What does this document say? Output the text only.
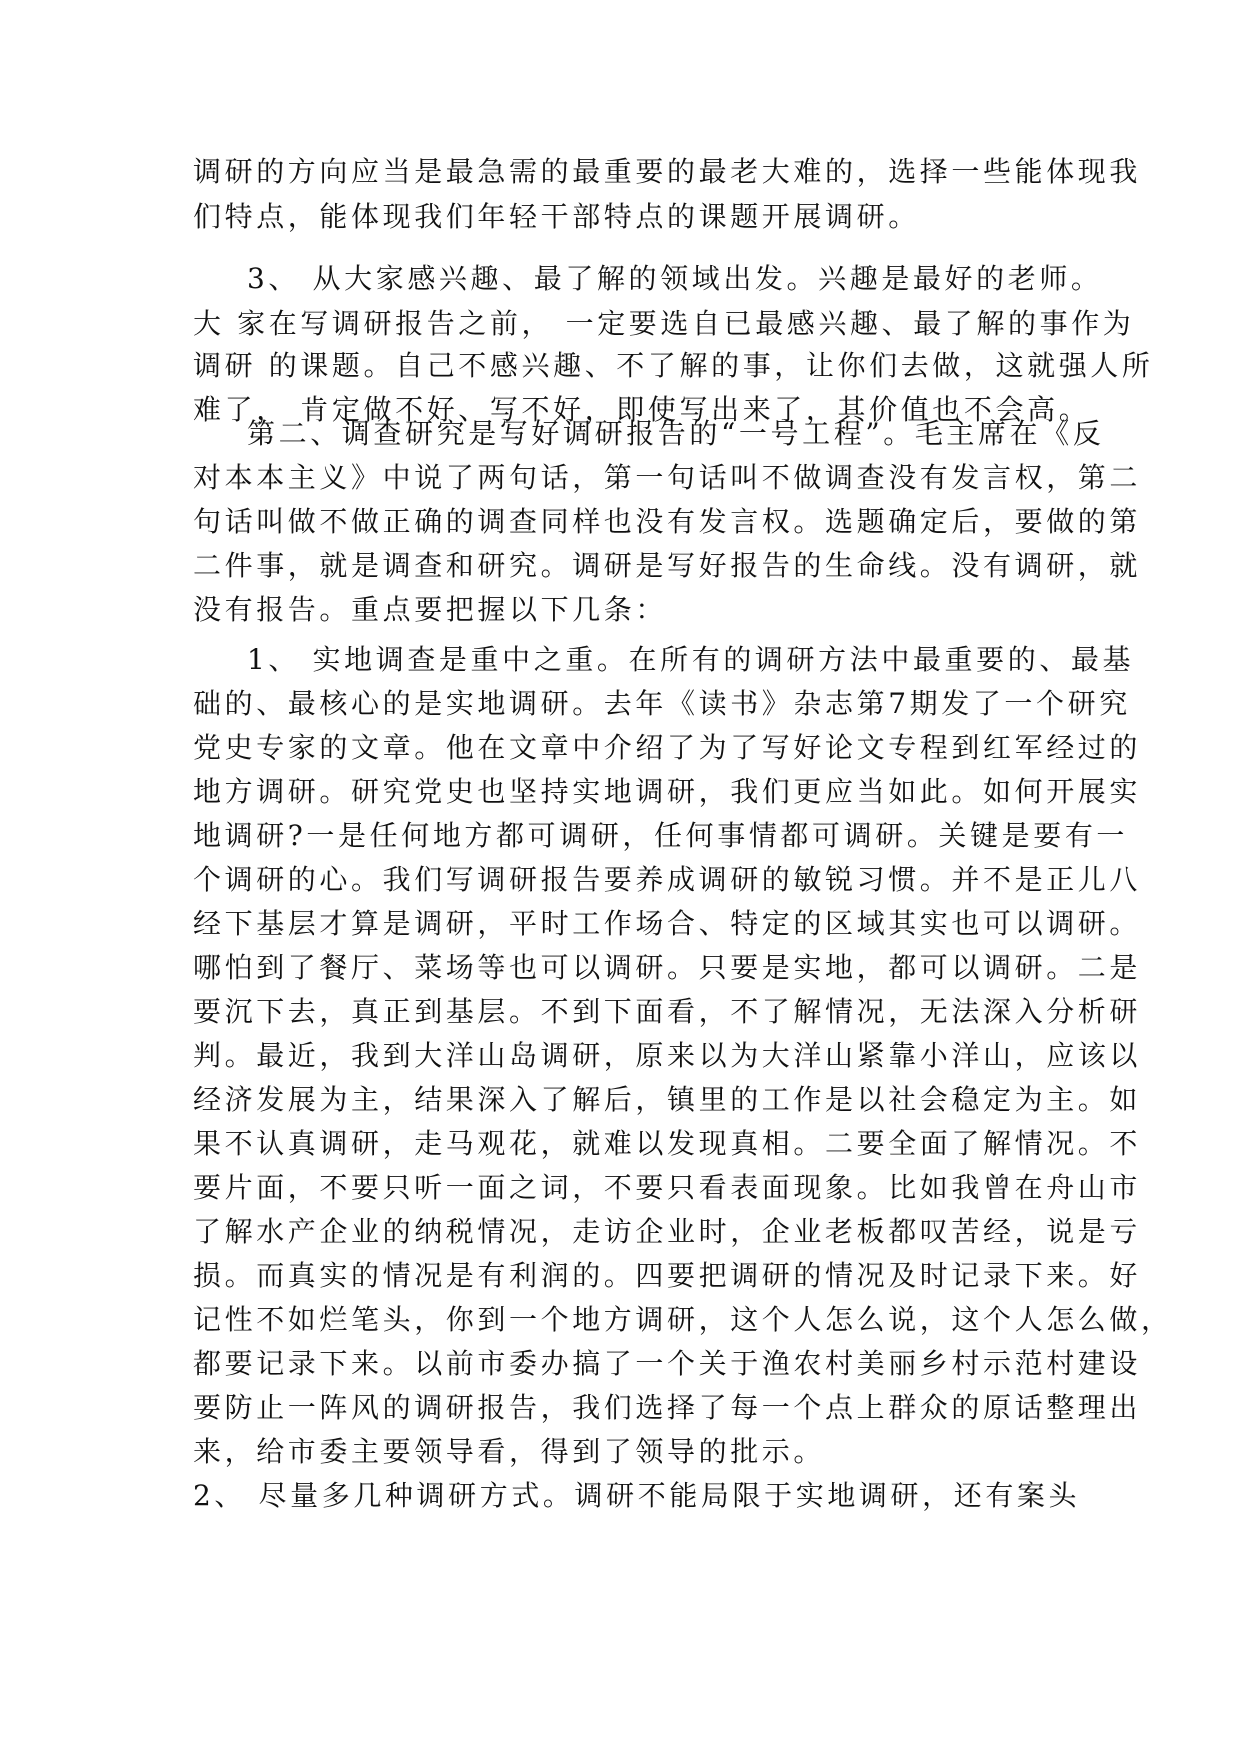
调研的方向应当是最急需的最重要的最老大难的，选择一些能体现我
们特点，能体现我们年轻干部特点的课题开展调研。
3、 从大家感兴趣、最了解的领域出发。兴趣是最好的老师。
大 家在写调研报告之前， 一定要选自已最感兴趣、最了解的事作为
调研 的课题。自己不感兴趣、不了解的事，让你们去做，这就强人所
难了， 肯定做不好、写不好，即使写出来了，其价值也不会高。
第二、调查研究是写好调研报告的“一号工程”。毛主席在《反
对本本主义》中说了两句话，第一句话叫不做调查没有发言权，第二
句话叫做不做正确的调查同样也没有发言权。选题确定后，要做的第
二件事，就是调查和研究。调研是写好报告的生命线。没有调研，就
没有报告。重点要把握以下几条：
1、 实地调查是重中之重。在所有的调研方法中最重要的、最基
础的、最核心的是实地调研。去年《读书》杂志第7期发了一个研究
党史专家的文章。他在文章中介绍了为了写好论文专程到红军经过的
地方调研。研究党史也坚持实地调研，我们更应当如此。如何开展实
地调研?一是任何地方都可调研，任何事情都可调研。关键是要有一
个调研的心。我们写调研报告要养成调研的敏锐习惯。并不是正儿八
经下基层才算是调研，平时工作场合、特定的区域其实也可以调研。
哪怕到了餐厅、菜场等也可以调研。只要是实地，都可以调研。二是
要沉下去，真正到基层。不到下面看，不了解情况，无法深入分析研
判。最近，我到大洋山岛调研，原来以为大洋山紧靠小洋山，应该以
经济发展为主，结果深入了解后，镇里的工作是以社会稳定为主。如
果不认真调研，走马观花，就难以发现真相。二要全面了解情况。不
要片面，不要只听一面之词，不要只看表面现象。比如我曾在舟山市
了解水产企业的纳税情况，走访企业时，企业老板都叹苦经，说是亏
损。而真实的情况是有利润的。四要把调研的情况及时记录下来。好
记性不如烂笔头，你到一个地方调研，这个人怎么说，这个人怎么做，
都要记录下来。以前市委办搞了一个关于渔农村美丽乡村示范村建设
要防止一阵风的调研报告，我们选择了每一个点上群众的原话整理出
来，给市委主要领导看，得到了领导的批示。
2、 尽量多几种调研方式。调研不能局限于实地调研，还有案头
